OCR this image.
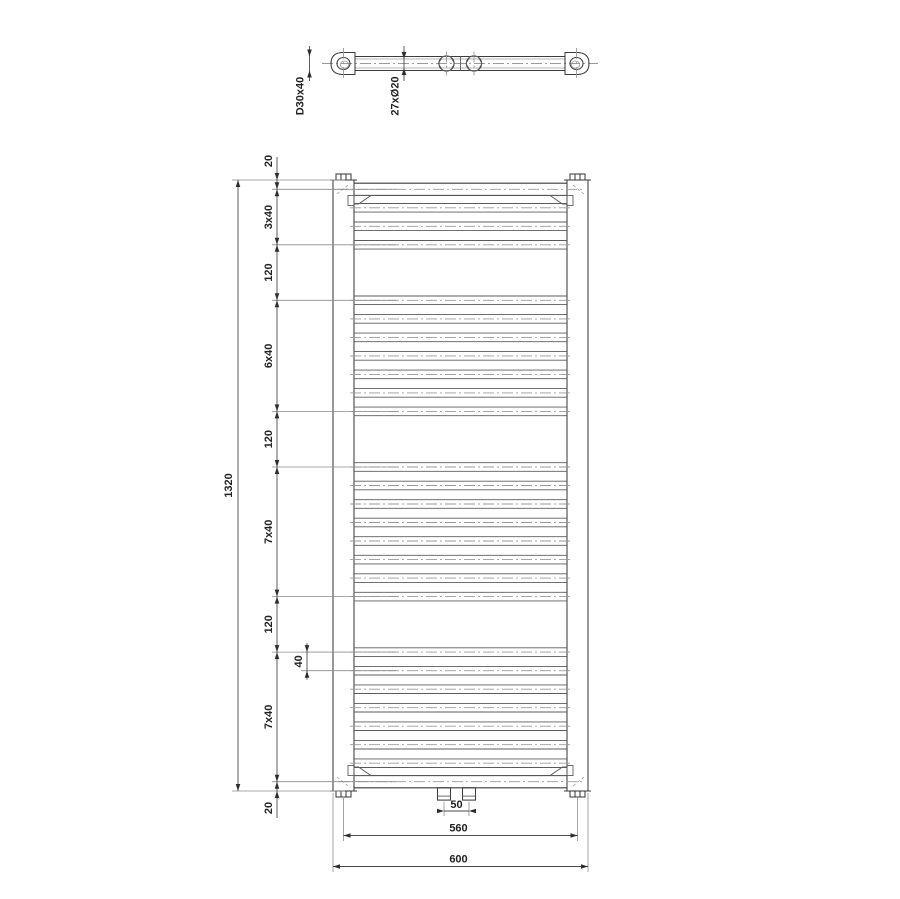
D30x40	27xØ20
1320
20
3x40
120
6x40
120
7x40
120
7x40
20
40
50
560
600
